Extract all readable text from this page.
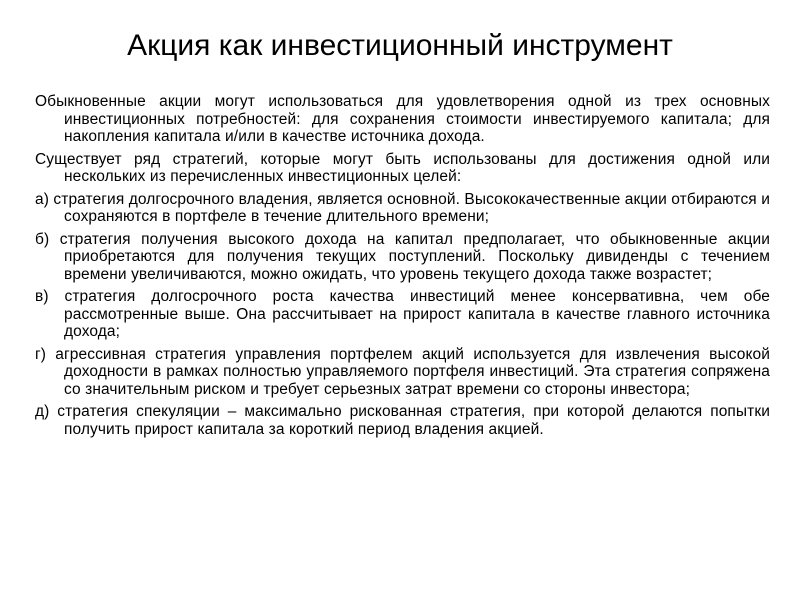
Акция как инвестиционный инструмент

Обыкновенные акции могут использоваться для удовлетворения одной из трех основных инвестиционных потребностей: для сохранения стоимости инвестируемого капитала; для накопления капитала и/или в качестве источника дохода.

Существует ряд стратегий, которые могут быть использованы для достижения одной или нескольких из перечисленных инвестиционных целей:

а) стратегия долгосрочного владения, является основной. Высококачественные акции отбираются и сохраняются в портфеле в течение длительного времени;

б) стратегия получения высокого дохода на капитал предполагает, что обыкновенные акции приобретаются для получения текущих поступлений. Поскольку дивиденды с течением времени увеличиваются, можно ожидать, что уровень текущего дохода также возрастет;

в) стратегия долгосрочного роста качества инвестиций менее консервативна, чем обе рассмотренные выше. Она рассчитывает на прирост капитала в качестве главного источника дохода;

г) агрессивная стратегия управления портфелем акций используется для извлечения высокой доходности в рамках полностью управляемого портфеля инвестиций. Эта стратегия сопряжена со значительным риском и требует серьезных затрат времени со стороны инвестора;

д) стратегия спекуляции – максимально рискованная стратегия, при которой делаются попытки получить прирост капитала за короткий период владения акцией.
